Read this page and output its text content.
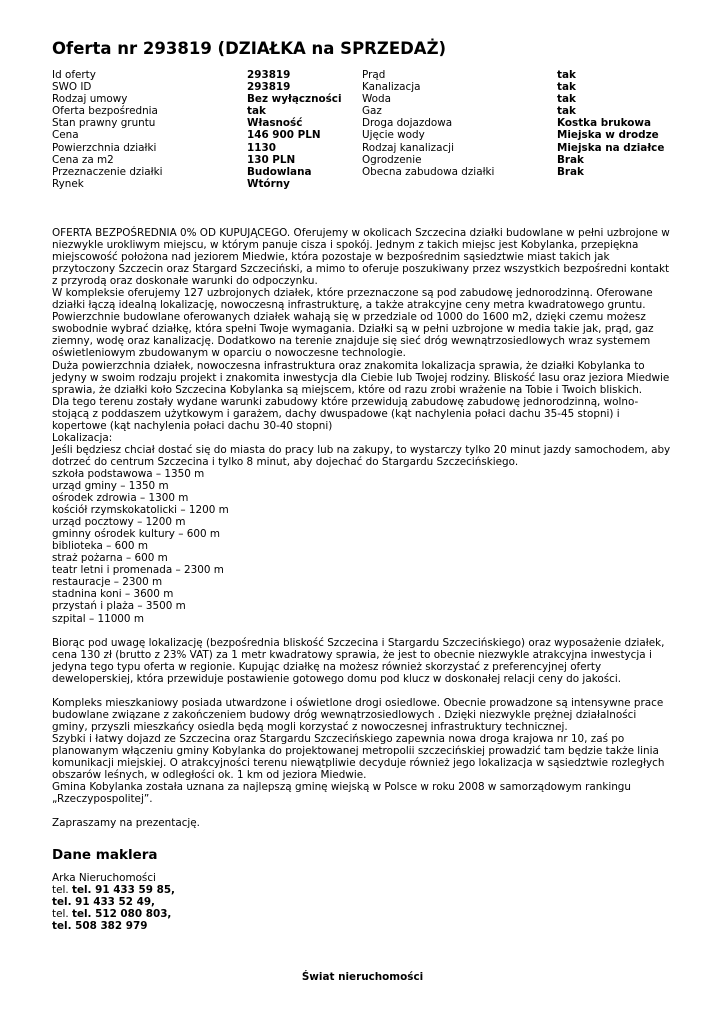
Oferta nr 293819 (DZIAŁKA na SPRZEDAŻ)
Id oferty
SWO ID
Rodzaj umowy
Oferta bezpośrednia
Stan prawny gruntu
Cena
Powierzchnia działki
Cena za m2
Przeznaczenie działki
Rynek
293819
293819
Bez wyłączności
tak
Własność
146 900 PLN
1130
130 PLN
Budowlana
Wtórny
Prąd
Kanalizacja
Woda
Gaz
Droga dojazdowa
Ujęcie wody
Rodzaj kanalizacji
Ogrodzenie
Obecna zabudowa działki
tak
tak
tak
tak
Kostka brukowa
Miejska w drodze
Miejska na działce
Brak
Brak

OFERTA BEZPOŚREDNIA 0% OD KUPUJĄCEGO. Oferujemy w okolicach Szczecina działki budowlane w pełni uzbrojone w niezwykle urokliwym miejscu, w którym panuje cisza i spokój. Jednym z takich miejsc jest Kobylanka, przepiękna miejscowość położona nad jeziorem Miedwie, która pozostaje w bezpośrednim sąsiedztwie miast takich jak przytoczony Szczecin oraz Stargard Szczeciński, a mimo to oferuje poszukiwany przez wszystkich bezpośredni kontakt z przyrodą oraz doskonałe warunki do odpoczynku.

W kompleksie oferujemy 127 uzbrojonych działek, które przeznaczone są pod zabudowę jednorodzinną. Oferowane działki łączą idealną lokalizację, nowoczesną infrastrukturę, a także atrakcyjne ceny metra kwadratowego gruntu.

Powierzchnie budowlane oferowanych działek wahają się w przedziale od 1000 do 1600 m2, dzięki czemu możesz swobodnie wybrać działkę, która spełni Twoje wymagania. Działki są w pełni uzbrojone w media takie jak, prąd, gaz ziemny, wodę oraz kanalizację. Dodatkowo na terenie znajduje się sieć dróg wewnątrzosiedlowych wraz systemem oświetleniowym zbudowanym w oparciu o nowoczesne technologie.

Duża powierzchnia działek, nowoczesna infrastruktura oraz znakomita lokalizacja sprawia, że działki Kobylanka to jedyny w swoim rodzaju projekt i znakomita inwestycja dla Ciebie lub Twojej rodziny. Bliskość lasu oraz jeziora Miedwie sprawia, że działki koło Szczecina Kobylanka są miejscem, które od razu zrobi wrażenie na Tobie i Twoich bliskich.

Dla tego terenu zostały wydane warunki zabudowy które przewidują zabudowę zabudowę jednorodzinną, wolno-stojącą z poddaszem użytkowym i garażem, dachy dwuspadowe (kąt nachylenia połaci dachu 35-45 stopni) i kopertowe (kąt nachylenia połaci dachu 30-40 stopni)

Lokalizacja:

Jeśli będziesz chciał dostać się do miasta do pracy lub na zakupy, to wystarczy tylko 20 minut jazdy samochodem, aby dotrzeć do centrum Szczecina i tylko 8 minut, aby dojechać do Stargardu Szczecińskiego.

szkoła podstawowa – 1350 m

urząd gminy – 1350 m

ośrodek zdrowia – 1300 m

kościół rzymskokatolicki – 1200 m

urząd pocztowy – 1200 m

gminny ośrodek kultury – 600 m

biblioteka – 600 m

straż pożarna – 600 m

teatr letni i promenada – 2300 m

restauracje – 2300 m

stadnina koni – 3600 m

przystań i plaża – 3500 m

szpital – 11000 m

Biorąc pod uwagę lokalizację (bezpośrednia bliskość Szczecina i Stargardu Szczecińskiego) oraz wyposażenie działek, cena 130 zł (brutto z 23% VAT) za 1 metr kwadratowy sprawia, że jest to obecnie niezwykle atrakcyjna inwestycja i jedyna tego typu oferta w regionie. Kupując działkę na możesz również skorzystać z preferencyjnej oferty deweloperskiej, która przewiduje postawienie gotowego domu pod klucz w doskonałej relacji ceny do jakości.

Kompleks mieszkaniowy posiada utwardzone i oświetlone drogi osiedlowe. Obecnie prowadzone są intensywne prace budowlane związane z zakończeniem budowy dróg wewnątrzosiedlowych . Dzięki niezwykle prężnej działalności gminy, przyszli mieszkańcy osiedla będą mogli korzystać z nowoczesnej infrastruktury technicznej.

Szybki i łatwy dojazd ze Szczecina oraz Stargardu Szczecińskiego zapewnia nowa droga krajowa nr 10, zaś po planowanym włączeniu gminy Kobylanka do projektowanej metropolii szczecińskiej prowadzić tam będzie także linia komunikacji miejskiej. O atrakcyjności terenu niewątpliwie decyduje również jego lokalizacja w sąsiedztwie rozległych obszarów leśnych, w odległości ok. 1 km od jeziora Miedwie.

Gmina Kobylanka została uznana za najlepszą gminę wiejską w Polsce w roku 2008 w samorządowym rankingu „Rzeczypospolitej”.

Zapraszamy na prezentację.

Dane maklera
Arka Nieruchomości
tel. tel. 91 433 59 85,
tel. 91 433 52 49,
tel. tel. 512 080 803,
tel. 508 382 979
Świat nieruchomości
